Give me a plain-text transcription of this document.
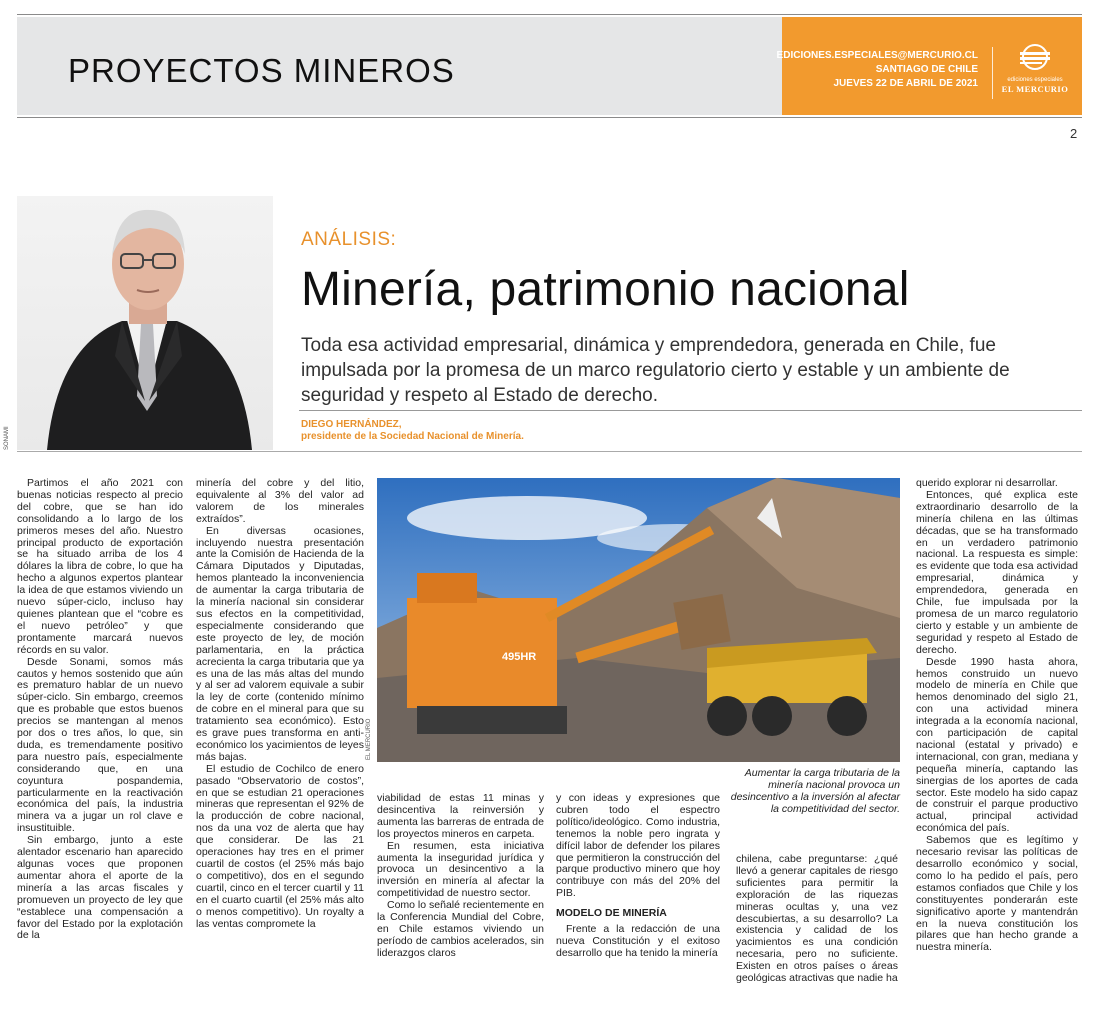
PROYECTOS MINEROS	EDICIONES.ESPECIALES@MERCURIO.CL
SANTIAGO DE CHILE
JUEVES 22 DE ABRIL DE 2021	ediciones especiales
EL MERCURIO
2
SONAMI
ANÁLISIS:
Minería, patrimonio nacional
Toda esa actividad empresarial, dinámica y emprendedora, generada en Chile, fue impulsada por la promesa de un marco regulatorio cierto y estable y un ambiente de seguridad y respeto al Estado de derecho.
DIEGO HERNÁNDEZ,
presidente de la Sociedad Nacional de Minería.

Partimos el año 2021 con buenas noticias respecto al precio del cobre, que se han ido consolidando a lo largo de los primeros meses del año. Nuestro principal producto de exportación se ha situado arriba de los 4 dólares la libra de cobre, lo que ha hecho a algunos expertos plantear la idea de que estamos viviendo un nuevo súper-ciclo, incluso hay quienes plantean que el “cobre es el nuevo petróleo” y que prontamente marcará nuevos récords en su valor.

Desde Sonami, somos más cautos y hemos sostenido que aún es prematuro hablar de un nuevo súper-ciclo. Sin embargo, creemos que es probable que estos buenos precios se mantengan al menos por dos o tres años, lo que, sin duda, es tremendamente positivo para nuestro país, especialmente considerando que, en una coyuntura pospandemia, particularmente en la reactivación económica del país, la industria minera va a jugar un rol clave e insustituible.

Sin embargo, junto a este alentador escenario han aparecido algunas voces que proponen aumentar ahora el aporte de la minería a las arcas fiscales y promueven un proyecto de ley que “establece una compensación a favor del Estado por la explotación de la

minería del cobre y del litio, equivalente al 3% del valor ad valorem de los minerales extraídos”.

En diversas ocasiones, incluyendo nuestra presentación ante la Comisión de Hacienda de la Cámara Diputados y Diputadas, hemos planteado la inconveniencia de aumentar la carga tributaria de la minería nacional sin considerar sus efectos en la competitividad, especialmente considerando que este proyecto de ley, de moción parlamentaria, en la práctica acrecienta la carga tributaria que ya es una de las más altas del mundo y al ser ad valorem equivale a subir la ley de corte (contenido mínimo de cobre en el mineral para que su tratamiento sea económico). Esto es grave pues transforma en anti-económico los yacimientos de leyes más bajas.

El estudio de Cochilco de enero pasado “Observatorio de costos”, en que se estudian 21 operaciones mineras que representan el 92% de la producción de cobre nacional, nos da una voz de alerta que hay que considerar. De las 21 operaciones hay tres en el primer cuartil de costos (el 25% más bajo o competitivo), dos en el segundo cuartil, cinco en el tercer cuartil y 11 en el cuarto cuartil (el 25% más alto o menos competitivo). Un royalty a las ventas compromete la

495HR
EL MERCURIO
Aumentar la carga tributaria de la minería nacional provoca un desincentivo a la inversión al afectar la competitividad del sector.

viabilidad de estas 11 minas y desincentiva la reinversión y aumenta las barreras de entrada de los proyectos mineros en carpeta.

En resumen, esta iniciativa aumenta la inseguridad jurídica y provoca un desincentivo a la inversión en minería al afectar la competitividad de nuestro sector.

Como lo señalé recientemente en la Conferencia Mundial del Cobre, en Chile estamos viviendo un período de cambios acelerados, sin liderazgos claros

y con ideas y expresiones que cubren todo el espectro político/ideológico. Como industria, tenemos la noble pero ingrata y difícil labor de defender los pilares que permitieron la construcción del parque productivo minero que hoy contribuye con más del 20% del PIB.

MODELO DE MINERÍA

Frente a la redacción de una nueva Constitución y el exitoso desarrollo que ha tenido la minería

chilena, cabe preguntarse: ¿qué llevó a generar capitales de riesgo suficientes para permitir la exploración de las riquezas mineras ocultas y, una vez descubiertas, a su desarrollo? La existencia y calidad de los yacimientos es una condición necesaria, pero no suficiente. Existen en otros países o áreas geológicas atractivas que nadie ha

querido explorar ni desarrollar.

Entonces, qué explica este extraordinario desarrollo de la minería chilena en las últimas décadas, que se ha transformado en un verdadero patrimonio nacional. La respuesta es simple: es evidente que toda esa actividad empresarial, dinámica y emprendedora, generada en Chile, fue impulsada por la promesa de un marco regulatorio cierto y estable y un ambiente de seguridad y respeto al Estado de derecho.

Desde 1990 hasta ahora, hemos construido un nuevo modelo de minería en Chile que hemos denominado del siglo 21, con una actividad minera integrada a la economía nacional, con participación de capital nacional (estatal y privado) e internacional, con gran, mediana y pequeña minería, captando las sinergias de los aportes de cada sector. Este modelo ha sido capaz de construir el parque productivo actual, principal actividad económica del país.

Sabemos que es legítimo y necesario revisar las políticas de desarrollo económico y social, como lo ha pedido el país, pero estamos confiados que Chile y los constituyentes ponderarán este significativo aporte y mantendrán en la nueva constitución los pilares que han hecho grande a nuestra minería.
